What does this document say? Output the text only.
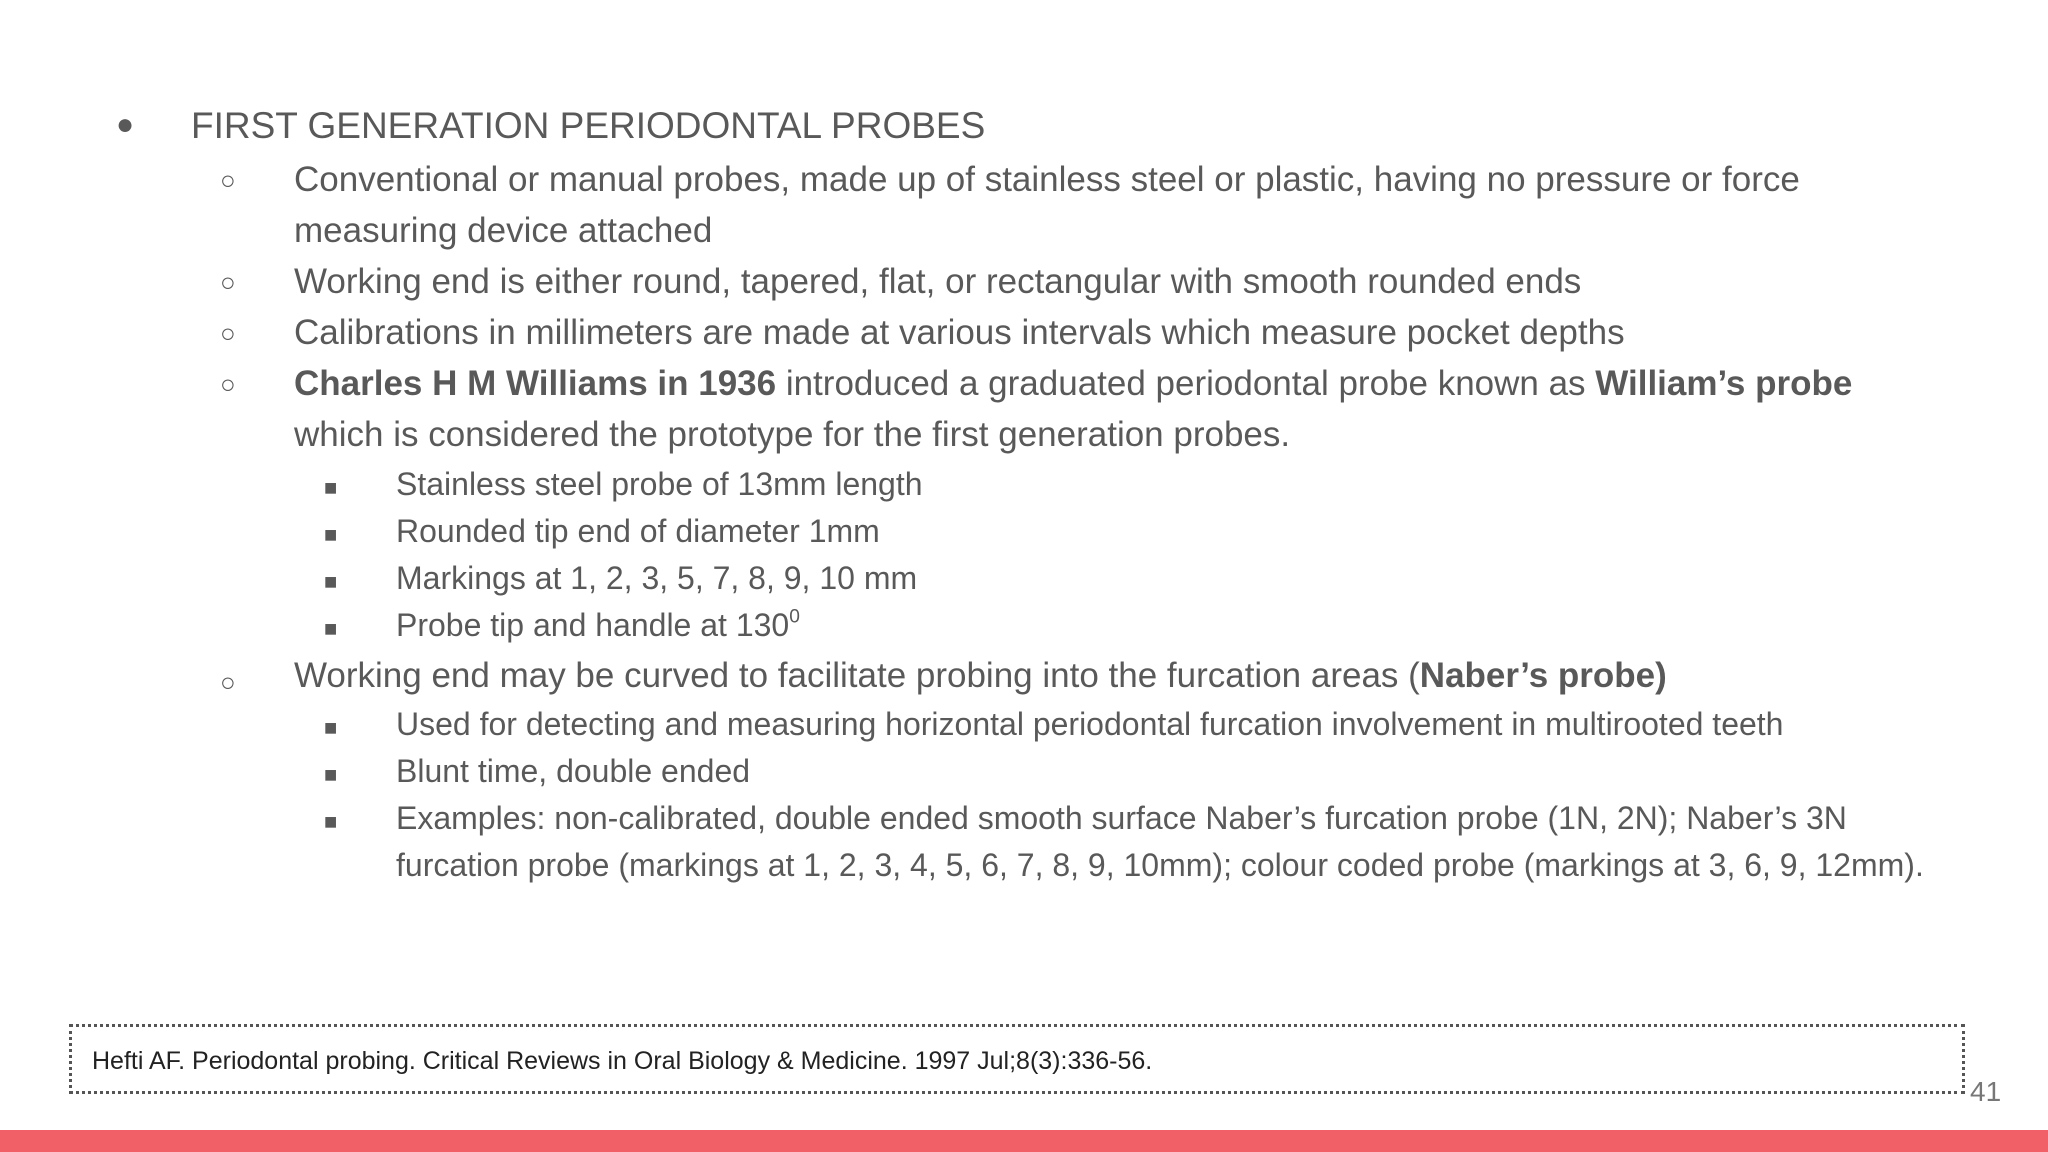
● FIRST GENERATION PERIODONTAL PROBES
○ Conventional or manual probes, made up of stainless steel or plastic, having no pressure or force
measuring device attached
○ Working end is either round, tapered, flat, or rectangular with smooth rounded ends
○ Calibrations in millimeters are made at various intervals which measure pocket depths
○ Charles H M Williams in 1936 introduced a graduated periodontal probe known as William’s probe
which is considered the prototype for the first generation probes.
■ Stainless steel probe of 13mm length
■ Rounded tip end of diameter 1mm
■ Markings at 1, 2, 3, 5, 7, 8, 9, 10 mm
■ Probe tip and handle at $130^0$
○ Working end may be curved to facilitate probing into the furcation areas (Naber’s probe)
■ Used for detecting and measuring horizontal periodontal furcation involvement in multirooted teeth
■ Blunt time, double ended
■ Examples: non-calibrated, double ended smooth surface Naber’s furcation probe (1N, 2N); Naber’s 3N
furcation probe (markings at 1, 2, 3, 4, 5, 6, 7, 8, 9, 10mm); colour coded probe (markings at 3, 6, 9, 12mm).
Hefti AF. Periodontal probing. Critical Reviews in Oral Biology & Medicine. 1997 Jul;8(3):336-56.
41
